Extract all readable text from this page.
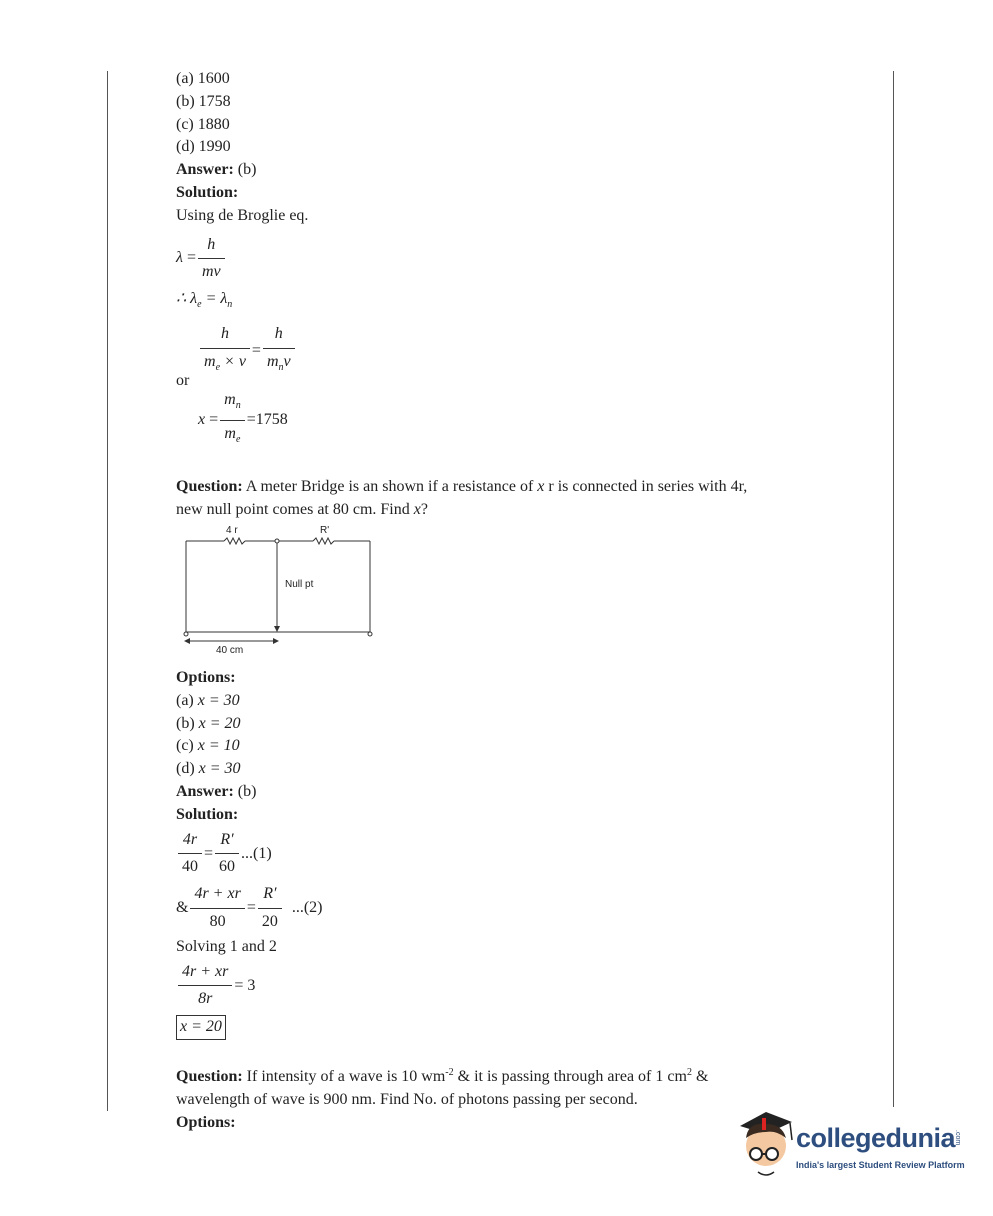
(a) 1600

(b) 1758

(c) 1880

(d) 1990

Answer: (b)

Solution:

Using de Broglie eq.

$\lambda = \frac{h}{mv}$
∴ $\lambda_e = \lambda_n$
$\frac{h}{m_e \times v} = \frac{h}{m_nv}$

or

$x = \frac{m_n}{m_e} =1758$

Question: A meter Bridge is an shown if a resistance of x r is connected in series with 4r,

new null point comes at 80 cm. Find x?

4 r	R'
Null pt
40 cm

Options:

(a) x = 30

(b) x = 20

(c) x = 10

(d) x = 30

Answer: (b)

Solution:

$\frac{4r}{40} = \frac{R'}{60} ...(1)$
& $\frac{4r + xr}{80} = \frac{R'}{20} ...(2)$

Solving 1 and 2

$\frac{4r + xr}{8r} = 3$
x = 20

Question: If intensity of a wave is 10 $wm^{-2}$ & it is passing through area of 1 $cm^2$ &

wavelength of wave is 900 nm. Find No. of photons passing per second.

Options:

collegedunia
.com
India's largest Student Review Platform
